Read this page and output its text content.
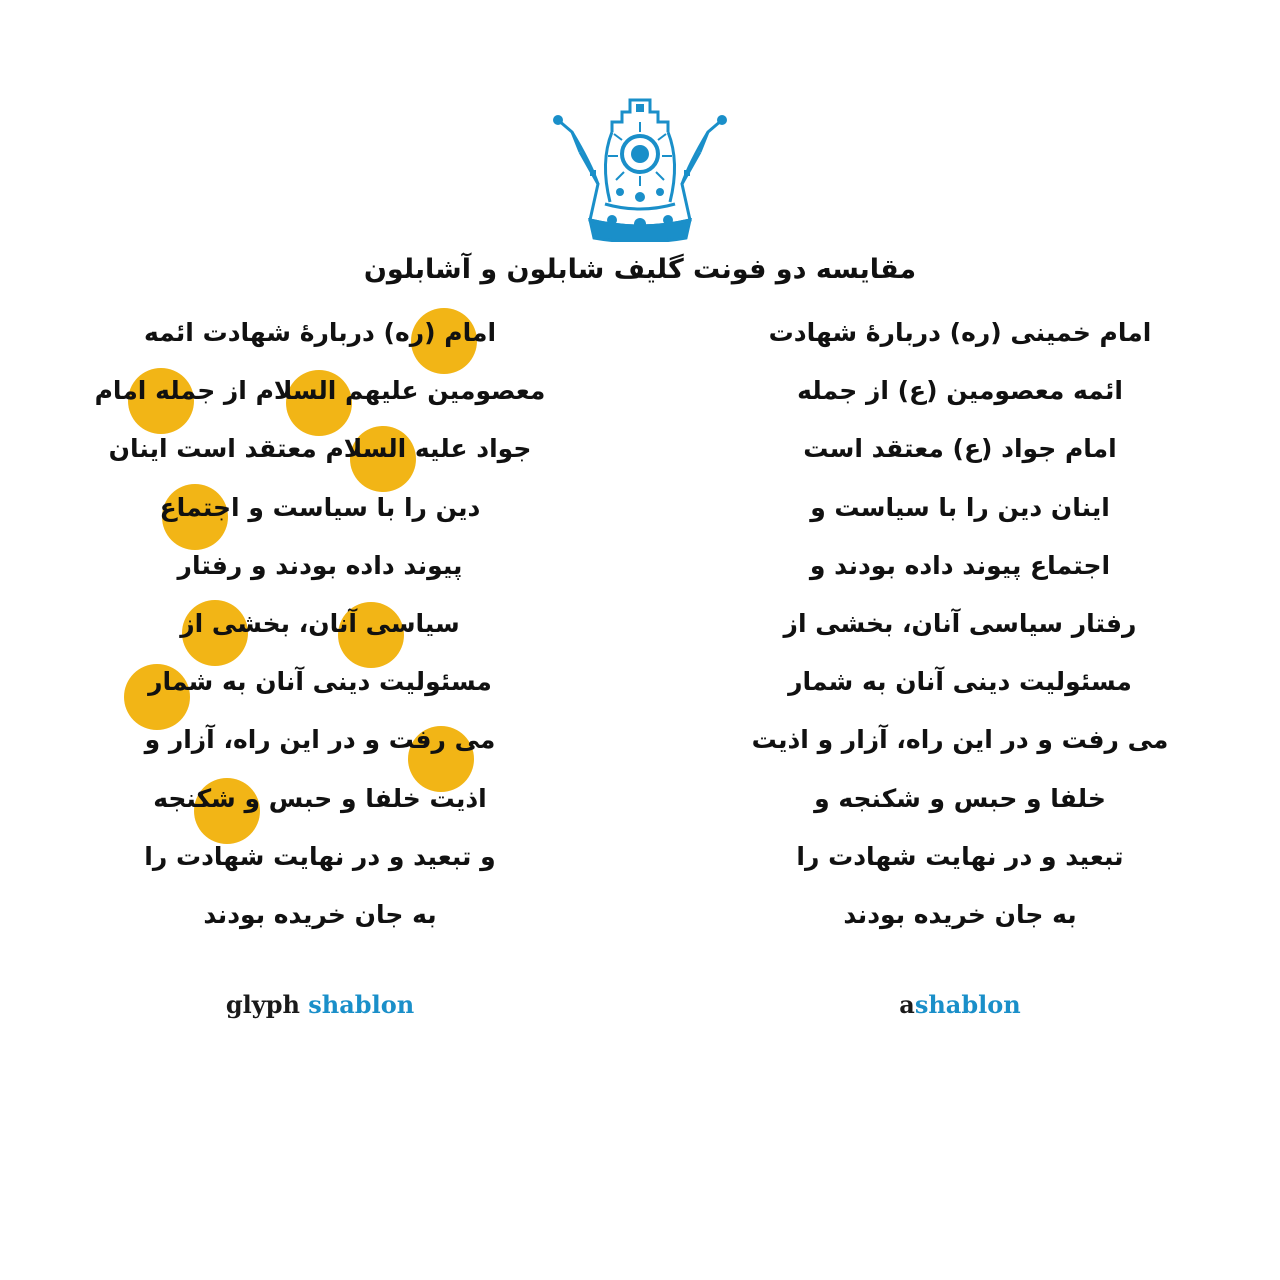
مقایسه دو فونت گلیف شابلون و آشابلون
امام (ره) دربارهٔ شهادت ائمه
معصومین علیهم السلام از جمله امام
جواد علیه السلام معتقد است اینان
دین را با سیاست و اجتماع
پیوند داده بودند و رفتار
سیاسی آنان، بخشی از
مسئولیت دینی آنان به شمار
می رفت و در این راه، آزار و
اذیت خلفا و حبس و شکنجه
و تبعید و در نهایت شهادت را
به جان خریده بودند
امام خمینی (ره) دربارهٔ شهادت
ائمه معصومین (ع) از جمله
امام جواد (ع) معتقد است
اینان دین را با سیاست و
اجتماع پیوند داده بودند و
رفتار سیاسی آنان، بخشی از
مسئولیت دینی آنان به شمار
می رفت و در این راه، آزار و اذیت
خلفا و حبس و شکنجه و
تبعید و در نهایت شهادت را
به جان خریده بودند
glyph shablon	ashablon
